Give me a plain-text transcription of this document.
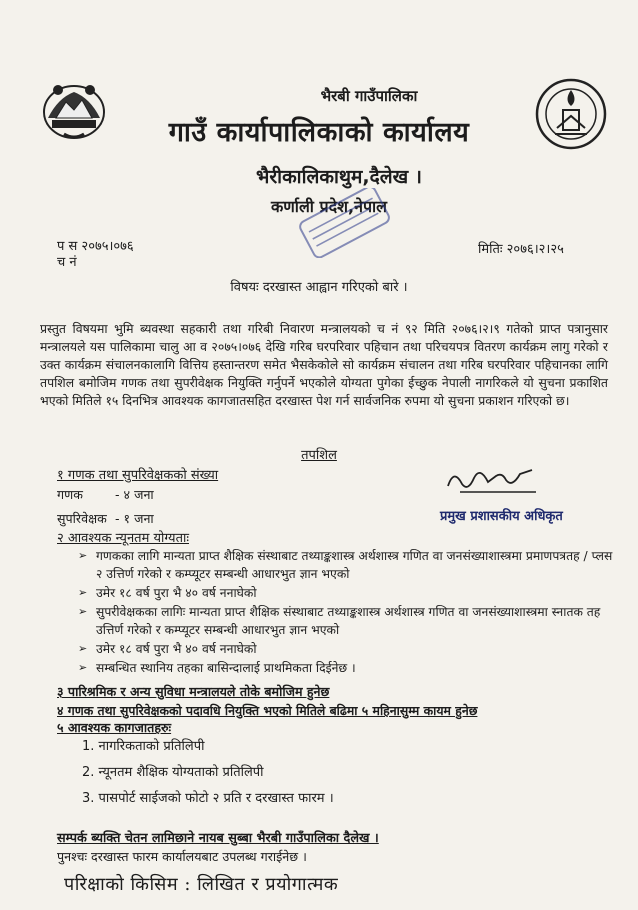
भैरबी गाउँपालिका
गाउँ कार्यापालिकाको कार्यालय
भैरीकालिकाथुम,दैलेख ।
कर्णाली प्रदेश,नेपाल
प स २०७५।०७६
च नं
मितिः २०७६।२।२५
विषयः दरखास्त आह्वान गरिएको बारे ।
प्रस्तुत विषयमा भुमि ब्यवस्था सहकारी तथा गरिबी निवारण मन्त्रालयको च नं ९२ मिति २०७६।२।९ गतेको प्राप्त पत्रानुसार मन्त्रालयले यस पालिकामा चालु आ व २०७५।०७६ देखि गरिब घरपरिवार पहिचान तथा परिचयपत्र वितरण कार्यक्रम लागु गरेको र उक्त कार्यक्रम संचालनकालागि वित्तिय हस्तान्तरण समेत भैसकेकोले सो कार्यक्रम संचालन तथा गरिब घरपरिवार पहिचानका लागि तपशिल बमोजिम गणक तथा सुपरीवेक्षक नियुक्ति गर्नुपर्ने भएकोले योग्यता पुगेका ईच्छुक नेपाली नागरिकले यो सुचना प्रकाशित भएको मितिले १५ दिनभित्र आवश्यक कागजातसहित दरखास्त पेश गर्न सार्वजनिक रुपमा यो सुचना प्रकाशन गरिएको छ।
तपशिल
१ गणक तथा सुपरिवेक्षकको संख्या
गणक	- ४ जना
सुपरिवेक्षक - १ जना	प्रमुख प्रशासकीय अधिकृत
२ आवश्यक न्यूनतम योग्यताः
➢ गणकका लागि मान्यता प्राप्त शैक्षिक संस्थाबाट तथ्याङ्कशास्त्र अर्थशास्त्र गणित वा जनसंख्याशास्त्रमा प्रमाणपत्रतह / प्लस २ उत्तिर्ण गरेको र कम्प्यूटर सम्बन्धी आधारभुत ज्ञान भएको
➢ उमेर १८ वर्ष पुरा भै ४० वर्ष ननाघेको
➢ सुपरीवेक्षकका लागिः मान्यता प्राप्त शैक्षिक संस्थाबाट तथ्याङ्कशास्त्र अर्थशास्त्र गणित वा जनसंख्याशास्त्रमा स्नातक तह उत्तिर्ण गरेको र कम्प्यूटर सम्बन्धी आधारभुत ज्ञान भएको
➢ उमेर १८ वर्ष पुरा भै ४० वर्ष ननाघेको
➢ सम्बन्धित स्थानिय तहका बासिन्दालाई प्राथमिकता दिईनेछ ।
३ पारिश्रमिक र अन्य सुविधा मन्त्रालयले तोके बमोजिम हुनेछ
४ गणक तथा सुपरिवेक्षकको पदावधि नियुक्ति भएको मितिले बढिमा ५ महिनासुम्म कायम हुनेछ
५ आवश्यक कागजातहरुः
1. नागरिकताको प्रतिलिपी
2. न्यूनतम शैक्षिक योग्यताको प्रतिलिपी
3. पासपोर्ट साईजको फोटो २ प्रति र दरखास्त फारम ।
सम्पर्क ब्यक्ति चेतन लामिछाने नायब सुब्बा भैरबी गाउँपालिका दैलेख ।
पुनश्चः दरखास्त फारम कार्यालयबाट उपलब्ध गराईनेछ ।
परिक्षाको किसिम : लिखित र प्रयोगात्मक
